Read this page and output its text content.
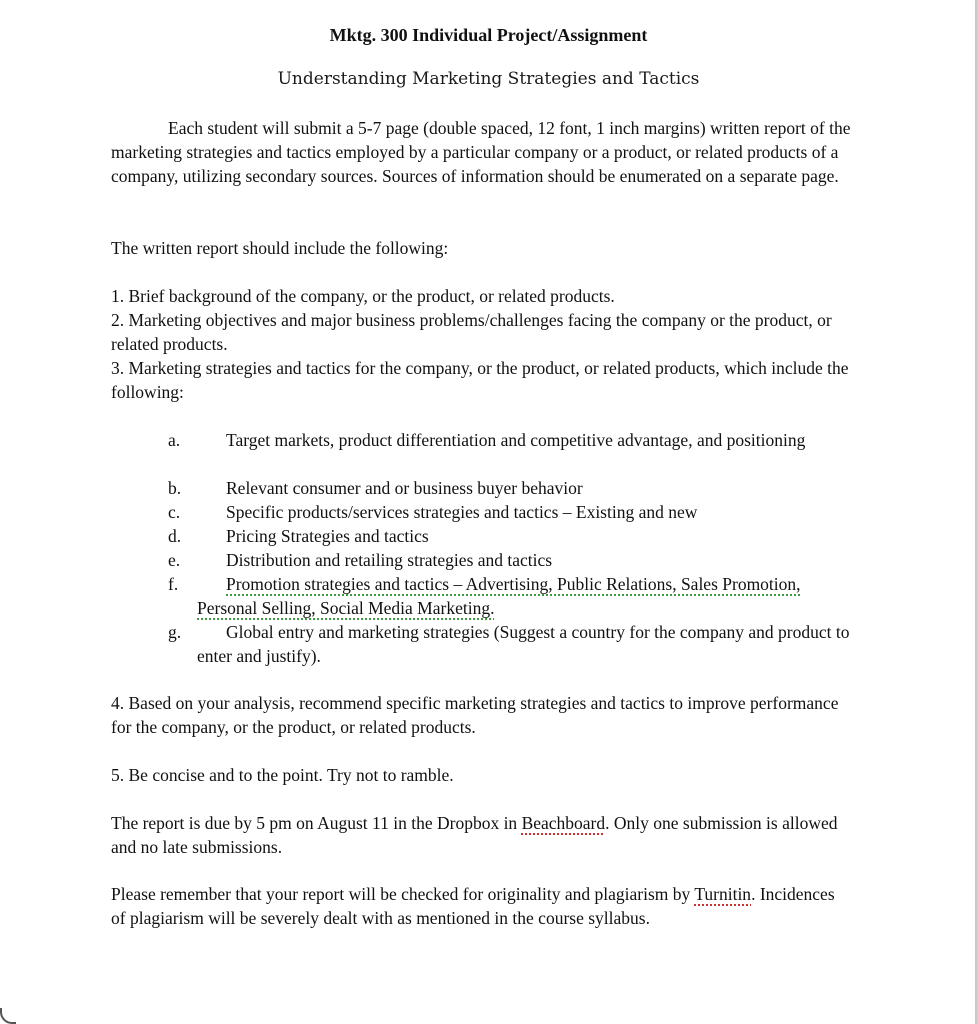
Mktg. 300 Individual Project/Assignment
Understanding Marketing Strategies and Tactics

Each student will submit a 5-7 page (double spaced, 12 font, 1 inch margins) written report of the marketing strategies and tactics employed by a particular company or a product, or related products of a company, utilizing secondary sources. Sources of information should be enumerated on a separate page.

The written report should include the following:

1. Brief background of the company, or the product, or related products.

2. Marketing objectives and major business problems/challenges facing the company or the product, or related products.

3. Marketing strategies and tactics for the company, or the product, or related products, which include the following:

a.	Target markets, product differentiation and competitive advantage, and positioning
b.	Relevant consumer and or business buyer behavior
c.	Specific products/services strategies and tactics – Existing and new
d.	Pricing Strategies and tactics
e.	Distribution and retailing strategies and tactics
f.	Promotion strategies and tactics – Advertising, Public Relations, Sales Promotion, Personal Selling, Social Media Marketing.
g.	Global entry and marketing strategies (Suggest a country for the company and product to enter and justify).

4. Based on your analysis, recommend specific marketing strategies and tactics to improve performance for the company, or the product, or related products.

5. Be concise and to the point. Try not to ramble.

The report is due by 5 pm on August 11 in the Dropbox in Beachboard. Only one submission is allowed and no late submissions.

Please remember that your report will be checked for originality and plagiarism by Turnitin. Incidences of plagiarism will be severely dealt with as mentioned in the course syllabus.
